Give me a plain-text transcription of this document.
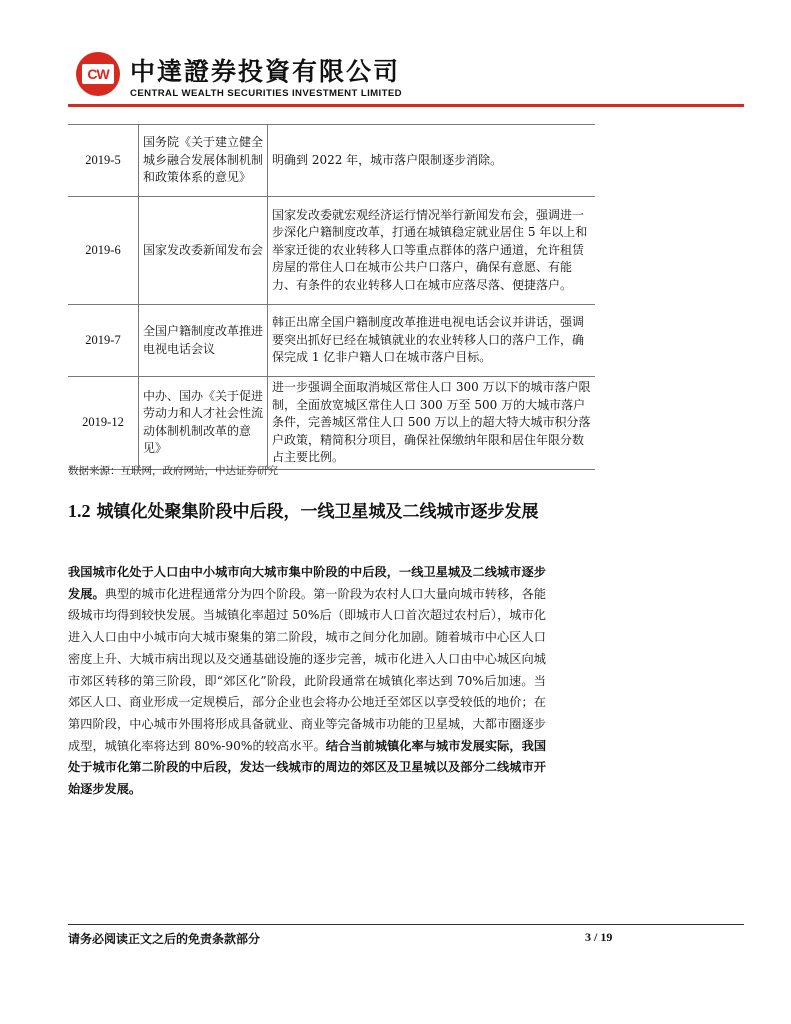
CW 中達證券投資有限公司
CENTRAL WEALTH SECURITIES INVESTMENT LIMITED
2019-5	国务院《关于建立健全城乡融合发展体制机制和政策体系的意见》	明确到 2022 年，城市落户限制逐步消除。
2019-6	国家发改委新闻发布会	国家发改委就宏观经济运行情况举行新闻发布会，强调进一步深化户籍制度改革，打通在城镇稳定就业居住 5 年以上和举家迁徙的农业转移人口等重点群体的落户通道，允许租赁房屋的常住人口在城市公共户口落户，确保有意愿、有能力、有条件的农业转移人口在城市应落尽落、便捷落户。
2019-7	全国户籍制度改革推进电视电话会议	韩正出席全国户籍制度改革推进电视电话会议并讲话，强调要突出抓好已经在城镇就业的农业转移人口的落户工作，确保完成 1 亿非户籍人口在城市落户目标。
2019-12	中办、国办《关于促进劳动力和人才社会性流动体制机制改革的意见》	进一步强调全面取消城区常住人口 300 万以下的城市落户限制，全面放宽城区常住人口 300 万至 500 万的大城市落户条件，完善城区常住人口 500 万以上的超大特大城市积分落户政策，精简积分项目，确保社保缴纳年限和居住年限分数占主要比例。
数据来源：互联网，政府网站，中达证券研究
1.2 城镇化处聚集阶段中后段，一线卫星城及二线城市逐步发展
我国城市化处于人口由中小城市向大城市集中阶段的中后段，一线卫星城及二线城市逐步发展。典型的城市化进程通常分为四个阶段。第一阶段为农村人口大量向城市转移，各能级城市均得到较快发展。当城镇化率超过 50%后（即城市人口首次超过农村后），城市化进入人口由中小城市向大城市聚集的第二阶段，城市之间分化加剧。随着城市中心区人口密度上升、大城市病出现以及交通基础设施的逐步完善，城市化进入人口由中心城区向城市郊区转移的第三阶段，即“郊区化”阶段，此阶段通常在城镇化率达到 70%后加速。当郊区人口、商业形成一定规模后，部分企业也会将办公地迁至郊区以享受较低的地价；在第四阶段，中心城市外围将形成具备就业、商业等完备城市功能的卫星城，大都市圈逐步成型，城镇化率将达到 80%-90%的较高水平。结合当前城镇化率与城市发展实际，我国处于城市化第二阶段的中后段，发达一线城市的周边的郊区及卫星城以及部分二线城市开始逐步发展。
请务必阅读正文之后的免责条款部分	3 / 19
